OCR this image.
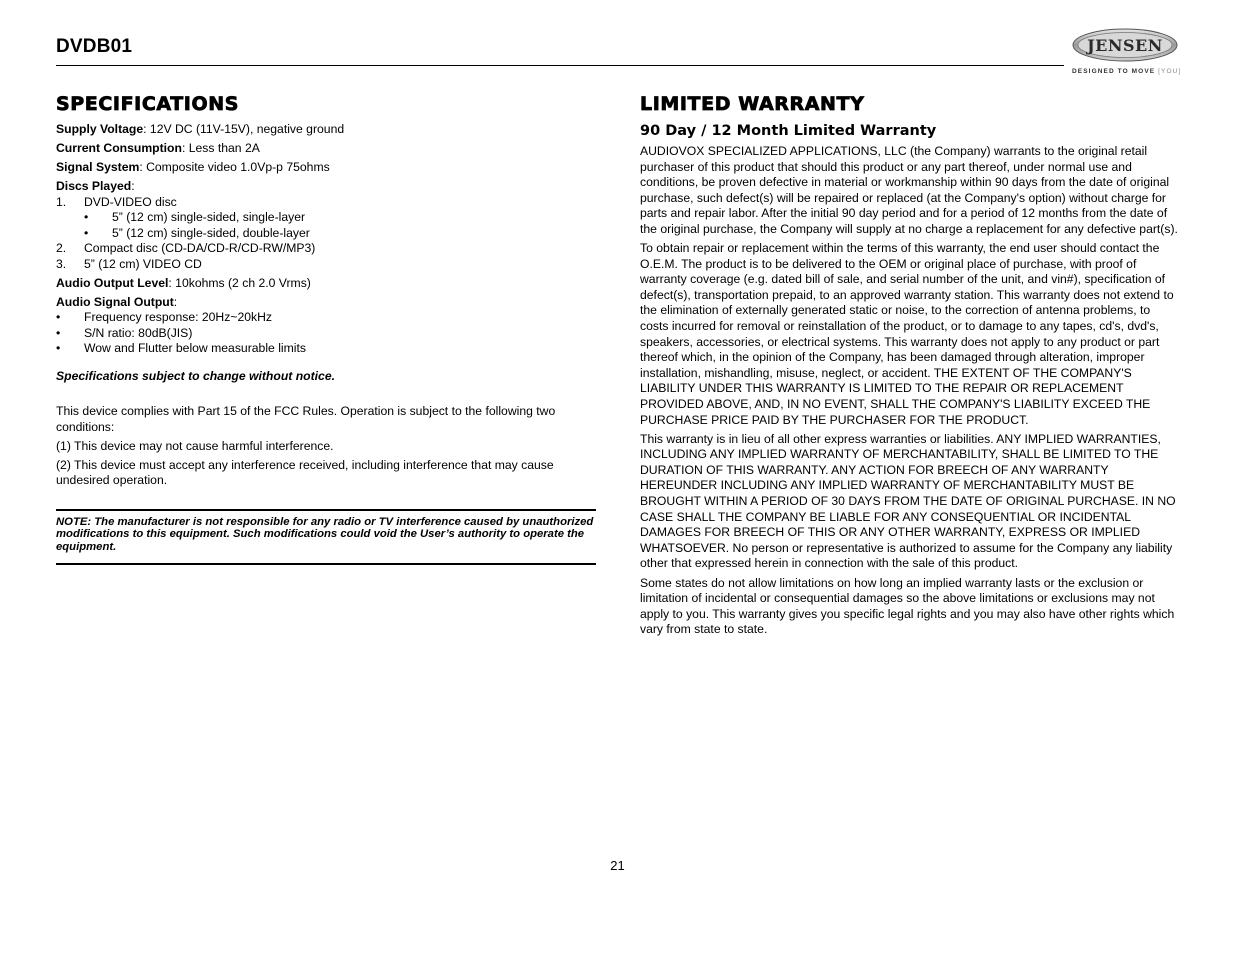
DVDB01	JENSEN
DESIGNED TO MOVE [YOU]
SPECIFICATIONS

Supply Voltage: 12V DC (11V-15V), negative ground

Current Consumption: Less than 2A

Signal System: Composite video 1.0Vp-p 75ohms

Discs Played:

1. DVD-VIDEO disc
• 5” (12 cm) single-sided, single-layer
• 5” (12 cm) single-sided, double-layer
2. Compact disc (CD-DA/CD-R/CD-RW/MP3)
3. 5” (12 cm) VIDEO CD

Audio Output Level: 10kohms (2 ch 2.0 Vrms)

Audio Signal Output:

• Frequency response: 20Hz~20kHz
• S/N ratio: 80dB(JIS)
• Wow and Flutter below measurable limits

Specifications subject to change without notice.

This device complies with Part 15 of the FCC Rules. Operation is subject to the following two conditions:

(1) This device may not cause harmful interference.

(2) This device must accept any interference received, including interference that may cause undesired operation.

NOTE: The manufacturer is not responsible for any radio or TV interference caused by unauthorized modifications to this equipment. Such modifications could void the User’s authority to operate the equipment.
LIMITED WARRANTY
90 Day / 12 Month Limited Warranty

AUDIOVOX SPECIALIZED APPLICATIONS, LLC (the Company) warrants to the original retail purchaser of this product that should this product or any part thereof, under normal use and conditions, be proven defective in material or workmanship within 90 days from the date of original purchase, such defect(s) will be repaired or replaced (at the Company's option) without charge for parts and repair labor. After the initial 90 day period and for a period of 12 months from the date of the original purchase, the Company will supply at no charge a replacement for any defective part(s).

To obtain repair or replacement within the terms of this warranty, the end user should contact the O.E.M. The product is to be delivered to the OEM or original place of purchase, with proof of warranty coverage (e.g. dated bill of sale, and serial number of the unit, and vin#), specification of defect(s), transportation prepaid, to an approved warranty station. This warranty does not extend to the elimination of externally generated static or noise, to the correction of antenna problems, to costs incurred for removal or reinstallation of the product, or to damage to any tapes, cd's, dvd's, speakers, accessories, or electrical systems. This warranty does not apply to any product or part thereof which, in the opinion of the Company, has been damaged through alteration, improper installation, mishandling, misuse, neglect, or accident. THE EXTENT OF THE COMPANY'S LIABILITY UNDER THIS WARRANTY IS LIMITED TO THE REPAIR OR REPLACEMENT PROVIDED ABOVE, AND, IN NO EVENT, SHALL THE COMPANY'S LIABILITY EXCEED THE PURCHASE PRICE PAID BY THE PURCHASER FOR THE PRODUCT.

This warranty is in lieu of all other express warranties or liabilities. ANY IMPLIED WARRANTIES, INCLUDING ANY IMPLIED WARRANTY OF MERCHANTABILITY, SHALL BE LIMITED TO THE DURATION OF THIS WARRANTY. ANY ACTION FOR BREECH OF ANY WARRANTY HEREUNDER INCLUDING ANY IMPLIED WARRANTY OF MERCHANTABILITY MUST BE BROUGHT WITHIN A PERIOD OF 30 DAYS FROM THE DATE OF ORIGINAL PURCHASE. IN NO CASE SHALL THE COMPANY BE LIABLE FOR ANY CONSEQUENTIAL OR INCIDENTAL DAMAGES FOR BREECH OF THIS OR ANY OTHER WARRANTY, EXPRESS OR IMPLIED WHATSOEVER. No person or representative is authorized to assume for the Company any liability other that expressed herein in connection with the sale of this product.

Some states do not allow limitations on how long an implied warranty lasts or the exclusion or limitation of incidental or consequential damages so the above limitations or exclusions may not apply to you. This warranty gives you specific legal rights and you may also have other rights which vary from state to state.

21
